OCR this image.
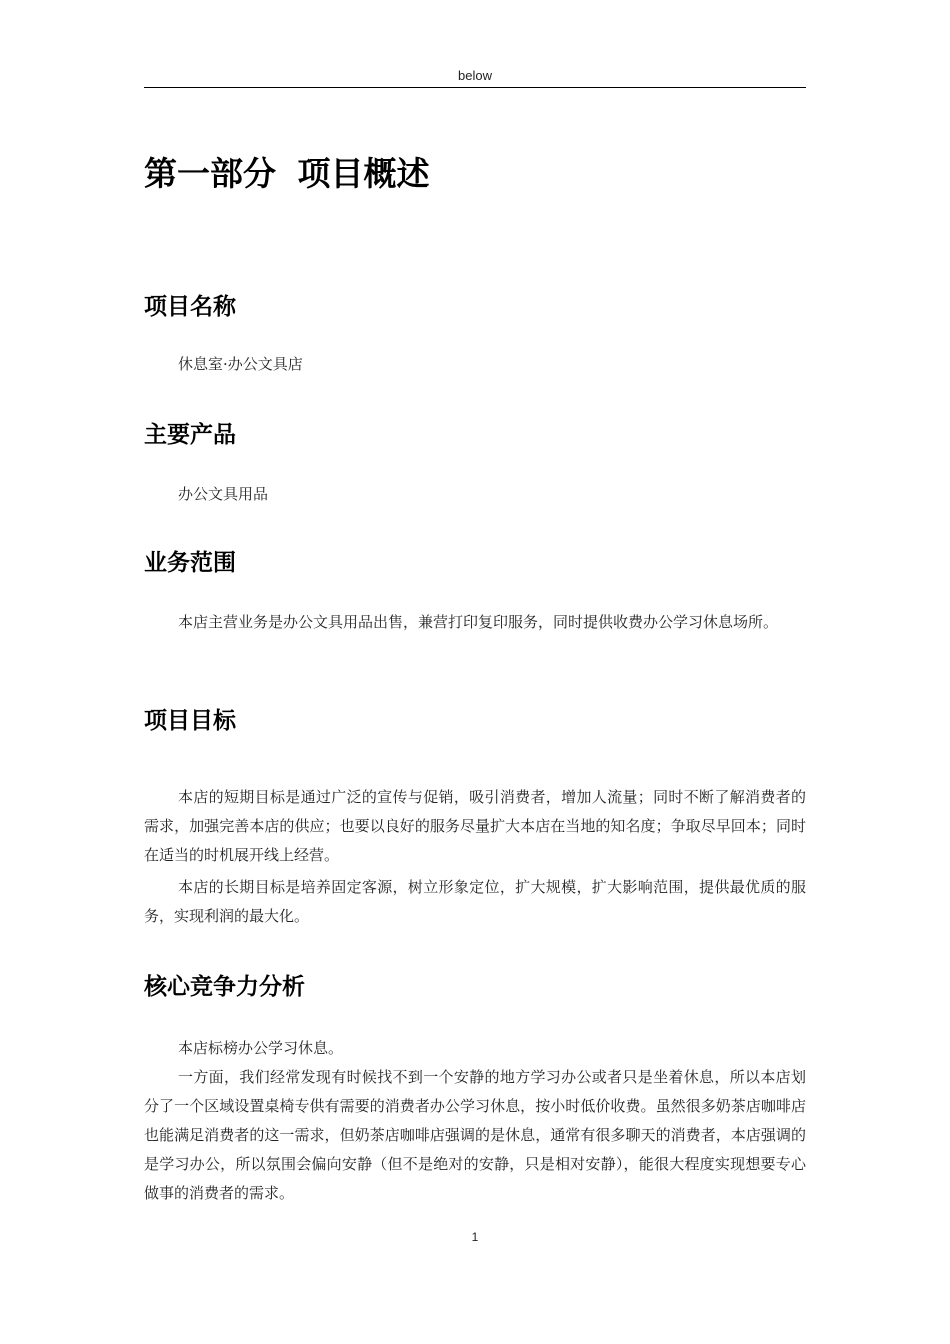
below
第一部分 项目概述
项目名称
休息室·办公文具店
主要产品
办公文具用品
业务范围
本店主营业务是办公文具用品出售，兼营打印复印服务，同时提供收费办公学习休息场所。
项目目标
本店的短期目标是通过广泛的宣传与促销，吸引消费者，增加人流量；同时不断了解消费者的需求，加强完善本店的供应；也要以良好的服务尽量扩大本店在当地的知名度；争取尽早回本；同时在适当的时机展开线上经营。
本店的长期目标是培养固定客源，树立形象定位，扩大规模，扩大影响范围，提供最优质的服务，实现利润的最大化。
核心竞争力分析
本店标榜办公学习休息。
一方面，我们经常发现有时候找不到一个安静的地方学习办公或者只是坐着休息，所以本店划分了一个区域设置桌椅专供有需要的消费者办公学习休息，按小时低价收费。虽然很多奶茶店咖啡店也能满足消费者的这一需求，但奶茶店咖啡店强调的是休息，通常有很多聊天的消费者，本店强调的是学习办公，所以氛围会偏向安静（但不是绝对的安静，只是相对安静），能很大程度实现想要专心做事的消费者的需求。
1
